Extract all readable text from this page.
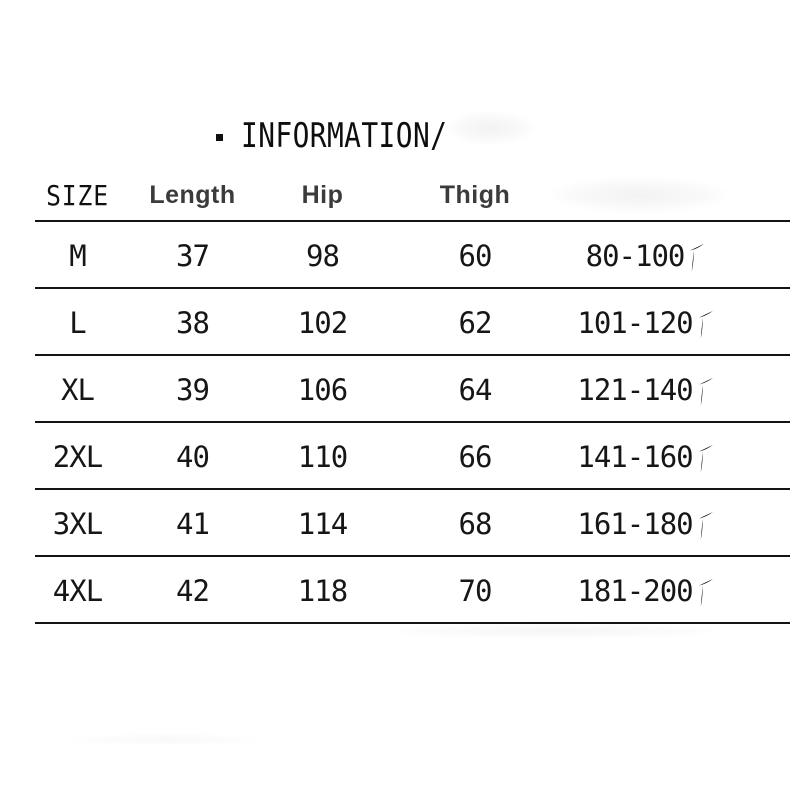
INFORMATION/
SIZE	Length	Hip	Thigh
M	37	98	60	80-100
L	38	102	62	101-120
XL	39	106	64	121-140
2XL	40	110	66	141-160
3XL	41	114	68	161-180
4XL	42	118	70	181-200
